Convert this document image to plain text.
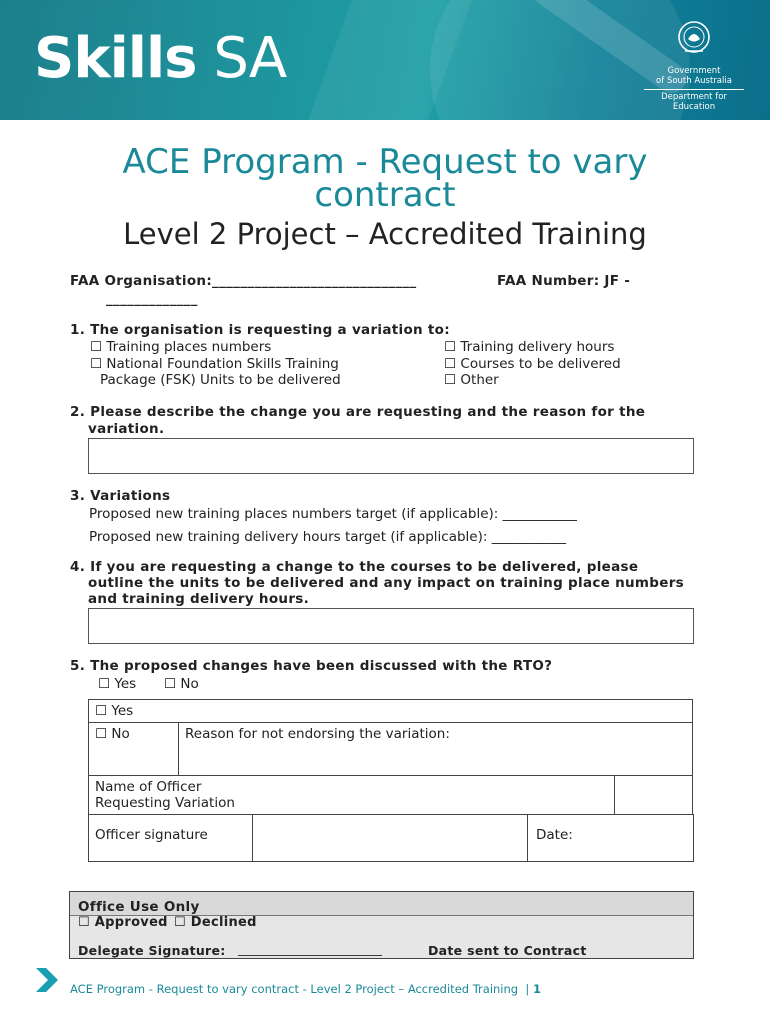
Skills SA	Government
of South Australia
Department for Education
ACE Program - Request to vary
contract
Level 2 Project – Accredited Training
FAA Organisation:_____________________________	FAA Number: JF -
_____________
1. The organisation is requesting a variation to:
☐ Training places numbers
☐ National Foundation Skills Training
Package (FSK) Units to be delivered
☐ Training delivery hours
☐ Courses to be delivered
☐ Other
2. Please describe the change you are requesting and the reason for the
variation.
3. Variations
Proposed new training places numbers target (if applicable): ___________
Proposed new training delivery hours target (if applicable): ___________
4. If you are requesting a change to the courses to be delivered, please
outline the units to be delivered and any impact on training place numbers
and training delivery hours.
5. The proposed changes have been discussed with the RTO?
☐ Yes ☐ No
☐ Yes		
☐ No	Reason for not endorsing the variation:	
Name of Officer
Requesting Variation		
Officer signature	Date:
Office Use Only
☐ Approved ☐ Declined
Delegate Signature: ________________________	Date sent to Contract
ACE Program - Request to vary contract - Level 2 Project – Accredited Training | 1
